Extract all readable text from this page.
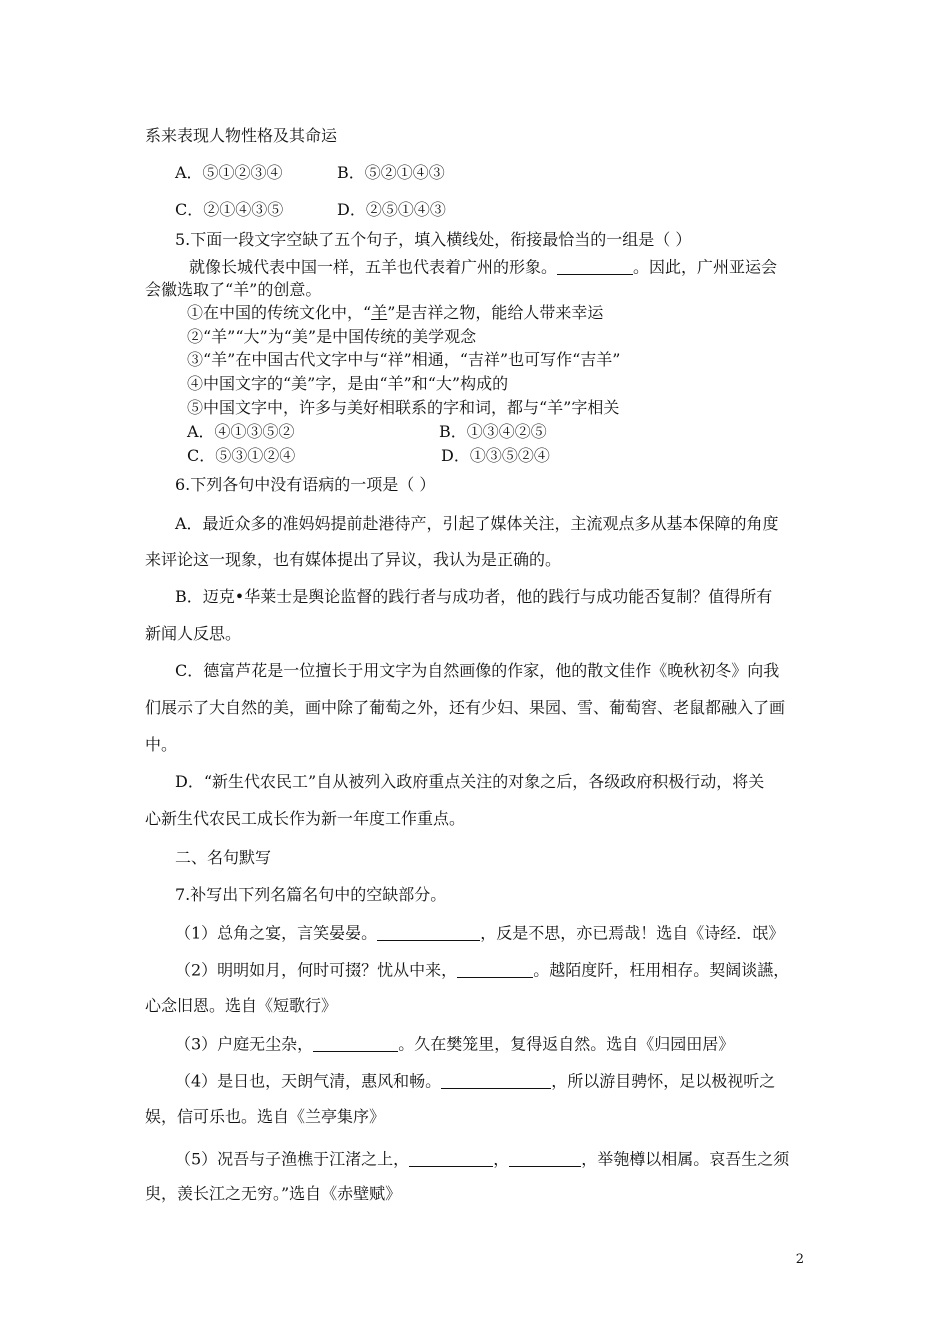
系来表现人物性格及其命运
A．⑤①②③④	B．⑤②①④③
C．②①④③⑤	D．②⑤①④③
5.下面一段文字空缺了五个句子，填入横线处，衔接最恰当的一组是（ ）
就像长城代表中国一样，五羊也代表着广州的形象。	。因此，广州亚运会
会徽选取了“羊”的创意。
①在中国的传统文化中，“羊”是吉祥之物，能给人带来幸运
②“羊”“大”为“美”是中国传统的美学观念
③“羊”在中国古代文字中与“祥”相通，“吉祥”也可写作“吉羊”
④中国文字的“美”字，是由“羊”和“大”构成的
⑤中国文字中，许多与美好相联系的字和词，都与“羊”字相关
A．④①③⑤②	B．①③④②⑤
C．⑤③①②④	D．①③⑤②④
6.下列各句中没有语病的一项是（ ）
A．最近众多的准妈妈提前赴港待产，引起了媒体关注，主流观点多从基本保障的角度
来评论这一现象，也有媒体提出了异议，我认为是正确的。
B．迈克•华莱士是舆论监督的践行者与成功者，他的践行与成功能否复制？值得所有
新闻人反思。
C．德富芦花是一位擅长于用文字为自然画像的作家，他的散文佳作《晚秋初冬》向我
们展示了大自然的美，画中除了葡萄之外，还有少妇、果园、雪、葡萄窖、老鼠都融入了画
中。
D．“新生代农民工”自从被列入政府重点关注的对象之后，各级政府积极行动，将关
心新生代农民工成长作为新一年度工作重点。
二、名句默写
7.补写出下列名篇名句中的空缺部分。
（1）总角之宴，言笑晏晏。	，反是不思，亦已焉哉！选自《诗经．氓》
（2）明明如月，何时可掇？忧从中来，	。越陌度阡，枉用相存。契阔谈讌，
心念旧恩。选自《短歌行》
（3）户庭无尘杂，	。久在樊笼里，复得返自然。选自《归园田居》
（4）是日也，天朗气清，惠风和畅。	，所以游目骋怀，足以极视听之
娱，信可乐也。选自《兰亭集序》
（5）况吾与子渔樵于江渚之上，	，	，举匏樽以相属。哀吾生之须
臾，羡长江之无穷。”选自《赤壁赋》
2
